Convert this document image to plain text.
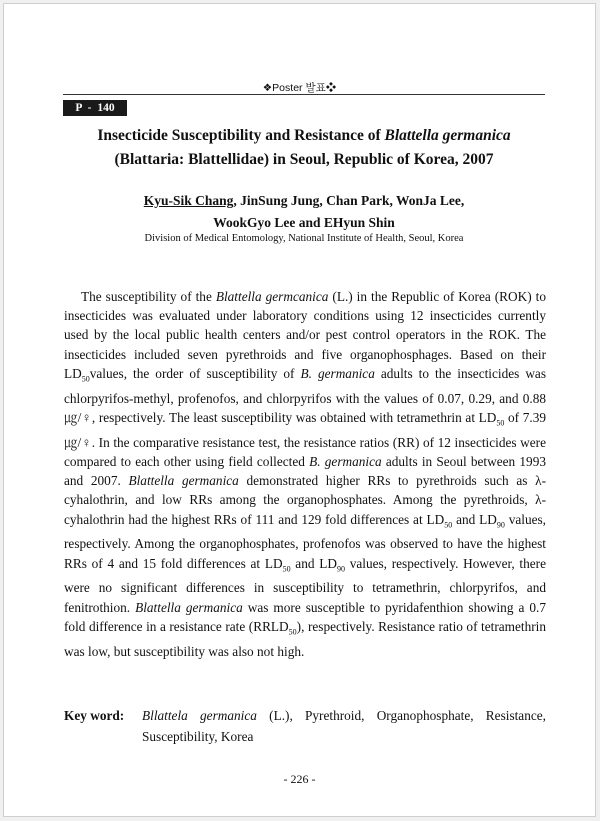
❖Poster 발표❖
P - 140
Insecticide Susceptibility and Resistance of Blattella germanica
(Blattaria: Blattellidae) in Seoul, Republic of Korea, 2007
Kyu-Sik Chang, JinSung Jung, Chan Park, WonJa Lee,
WookGyo Lee and EHyun Shin
Division of Medical Entomology, National Institute of Health, Seoul, Korea

The susceptibility of the Blattella germcanica (L.) in the Republic of Korea (ROK) to insecticides was evaluated under laboratory conditions using 12 insecticides currently used by the local public health centers and/or pest control operators in the ROK. The insecticides included seven pyrethroids and five organophosphages. Based on their $LD_{50}values$, the order of susceptibility of B. germanica adults to the insecticides was chlorpyrifos-methyl, profenofos, and chlorpyrifos with the values of 0.07, 0.29, and 0.88 ㎍/♀, respectively. The least susceptibility was obtained with tetramethrin at $LD_{50}$ of 7.39 ㎍/♀. In the comparative resistance test, the resistance ratios (RR) of 12 insecticides were compared to each other using field collected B. germanica adults in Seoul between 1993 and 2007. Blattella germanica demonstrated higher RRs to pyrethroids such as λ-cyhalothrin, and low RRs among the organophosphates. Among the pyrethroids, λ-cyhalothrin had the highest RRs of 111 and 129 fold differences at $LD_{50}$ and $LD_{90}$ values, respectively. Among the organophosphates, profenofos was observed to have the highest RRs of 4 and 15 fold differences at $LD_{50}$ and $LD_{90}$ values, respectively. However, there were no significant differences in susceptibility to tetramethrin, chlorpyrifos, and fenitrothion. Blattella germanica was more susceptible to pyridafenthion showing a 0.7 fold difference in a resistance rate $(RRLD_{50})$, respectively. Resistance ratio of tetramethrin was low, but susceptibility was also not high.

Key word: Bllattela germanica (L.), Pyrethroid, Organophosphate, Resistance, Susceptibility, Korea
- 226 -
